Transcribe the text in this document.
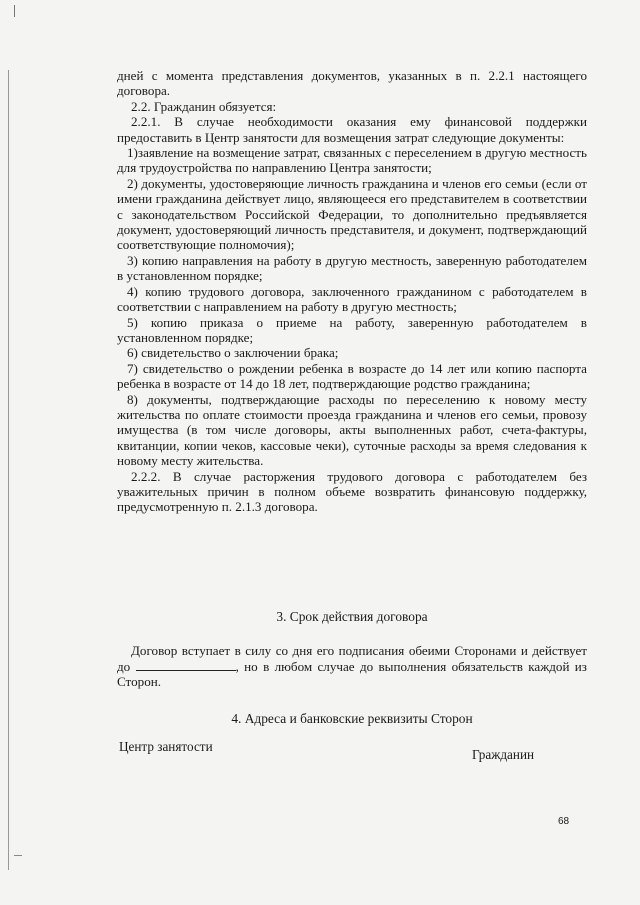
дней с момента представления документов, указанных в п. 2.2.1 настоящего договора.

2.2. Гражданин обязуется:

2.2.1. В случае необходимости оказания ему финансовой поддержки предоставить в Центр занятости для возмещения затрат следующие документы:

1)заявление на возмещение затрат, связанных с переселением в другую местность для трудоустройства по направлению Центра занятости;

2) документы, удостоверяющие личность гражданина и членов его семьи (если от имени гражданина действует лицо, являющееся его представителем в соответствии с законодательством Российской Федерации, то дополнительно предъявляется документ, удостоверяющий личность представителя, и документ, подтверждающий соответствующие полномочия);

3) копию направления на работу в другую местность, заверенную работодателем в установленном порядке;

4) копию трудового договора, заключенного гражданином с работодателем в соответствии с направлением на работу в другую местность;

5) копию приказа о приеме на работу, заверенную работодателем в установленном порядке;

6) свидетельство о заключении брака;

7) свидетельство о рождении ребенка в возрасте до 14 лет или копию паспорта ребенка в возрасте от 14 до 18 лет, подтверждающие родство гражданина;

8) документы, подтверждающие расходы по переселению к новому месту жительства по оплате стоимости проезда гражданина и членов его семьи, провозу имущества (в том числе договоры, акты выполненных работ, счета-фактуры, квитанции, копии чеков, кассовые чеки), суточные расходы за время следования к новому месту жительства.

2.2.2. В случае расторжения трудового договора с работодателем без уважительных причин в полном объеме возвратить финансовую поддержку, предусмотренную п. 2.1.3 договора.

3. Срок действия договора

Договор вступает в силу со дня его подписания обеими Сторонами и действует до	, но в любом случае до выполнения обязательств каждой из Сторон.

4. Адреса и банковские реквизиты Сторон
Центр занятости
Гражданин
68
